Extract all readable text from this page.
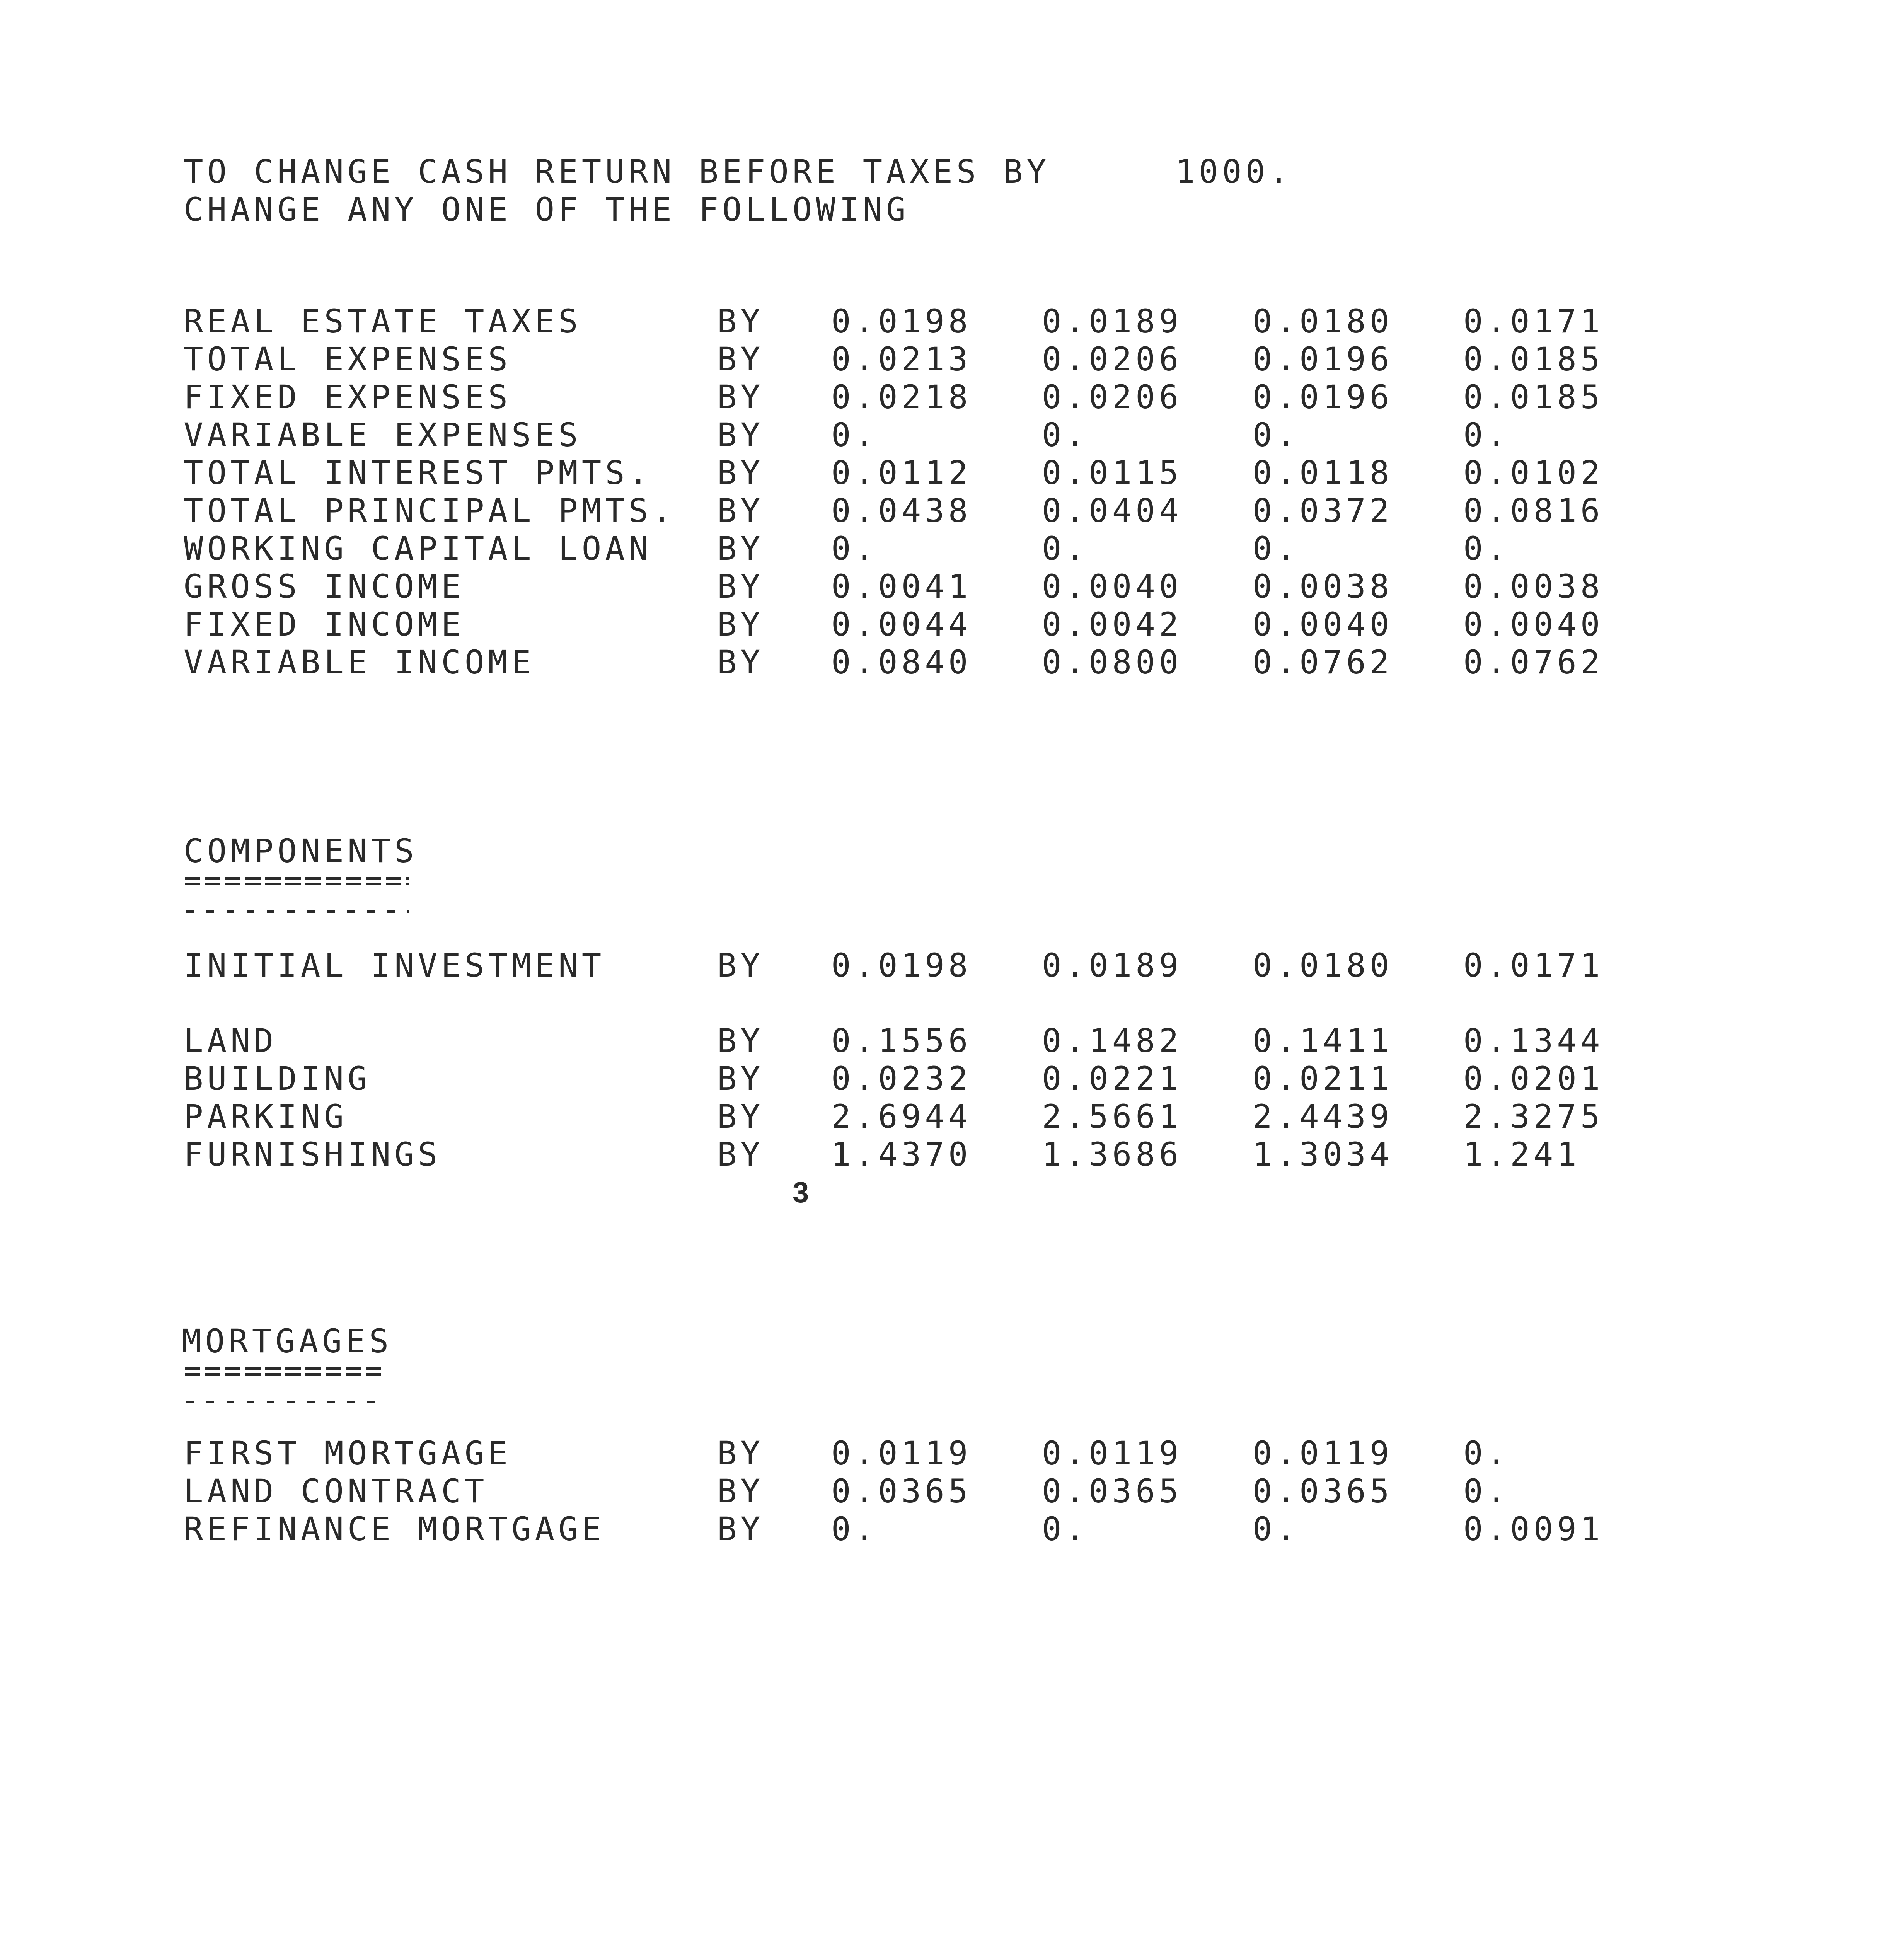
TO CHANGE CASH RETURN BEFORE TAXES BY	1000.
CHANGE ANY ONE OF THE FOLLOWING
REAL ESTATE TAXES	BY 0.0198 0.0189 0.0180 0.0171
TOTAL EXPENSES	BY 0.0213 0.0206 0.0196 0.0185
FIXED EXPENSES	BY 0.0218 0.0206 0.0196 0.0185
VARIABLE EXPENSES	BY 0.	0.	0.	0.
TOTAL INTEREST PMTS. BY 0.0112 0.0115 0.0118 0.0102
TOTAL PRINCIPAL PMTS. BY 0.0438 0.0404 0.0372 0.0816
WORKING CAPITAL LOAN BY 0.	0.	0.	0.
GROSS INCOME	BY 0.0041 0.0040 0.0038 0.0038
FIXED INCOME	BY 0.0044 0.0042 0.0040 0.0040
VARIABLE INCOME	BY 0.0840 0.0800 0.0762 0.0762
COMPONENTS
INITIAL INVESTMENT	BY 0.0198 0.0189 0.0180 0.0171
LAND	BY 0.1556 0.1482 0.1411 0.1344
BUILDING	BY 0.0232 0.0221 0.0211 0.0201
PARKING	BY 2.6944 2.5661 2.4439 2.3275
FURNISHINGS	BY 1.4370 1.3686 1.3034 1.241
3
MORTGAGES
FIRST MORTGAGE	BY 0.0119 0.0119 0.0119 0.
LAND CONTRACT	BY 0.0365 0.0365 0.0365 0.
REFINANCE MORTGAGE	BY 0.	0.	0.	0.0091
